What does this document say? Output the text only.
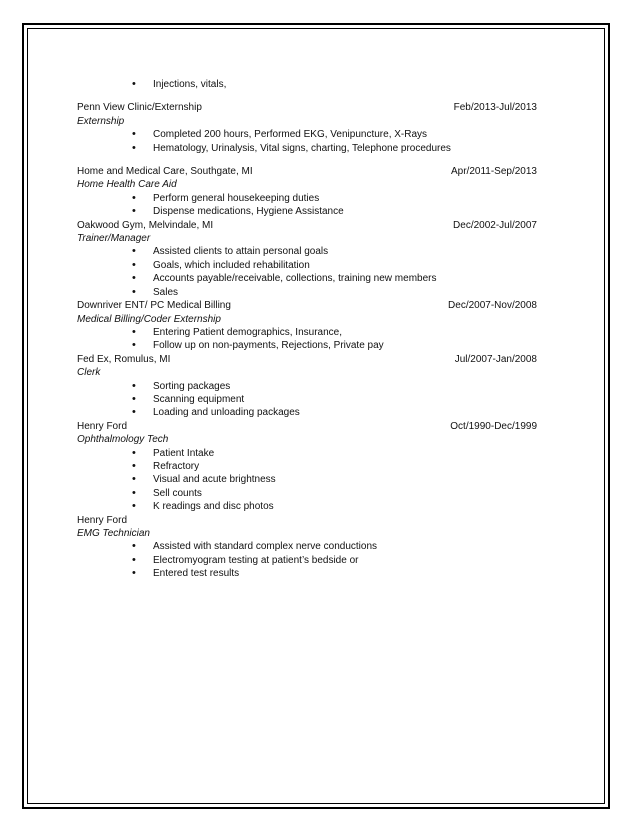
• Injections, vitals,
Penn View Clinic/Externship	Feb/2013-Jul/2013
Externship
• Completed 200 hours, Performed EKG, Venipuncture, X-Rays
• Hematology, Urinalysis, Vital signs, charting, Telephone procedures
Home and Medical Care, Southgate, MI	Apr/2011-Sep/2013
Home Health Care Aid
• Perform general housekeeping duties
• Dispense medications, Hygiene Assistance
Oakwood Gym, Melvindale, MI	Dec/2002-Jul/2007
Trainer/Manager
• Assisted clients to attain personal goals
• Goals, which included rehabilitation
• Accounts payable/receivable, collections, training new members
• Sales
Downriver ENT/ PC Medical Billing	Dec/2007-Nov/2008
Medical Billing/Coder Externship
• Entering Patient demographics, Insurance,
• Follow up on non-payments, Rejections, Private pay
Fed Ex, Romulus, MI	Jul/2007-Jan/2008
Clerk
• Sorting packages
• Scanning equipment
• Loading and unloading packages
Henry Ford	Oct/1990-Dec/1999
Ophthalmology Tech
• Patient Intake
• Refractory
• Visual and acute brightness
• Sell counts
• K readings and disc photos
Henry Ford
EMG Technician
• Assisted with standard complex nerve conductions
• Electromyogram testing at patient’s bedside or
• Entered test results
